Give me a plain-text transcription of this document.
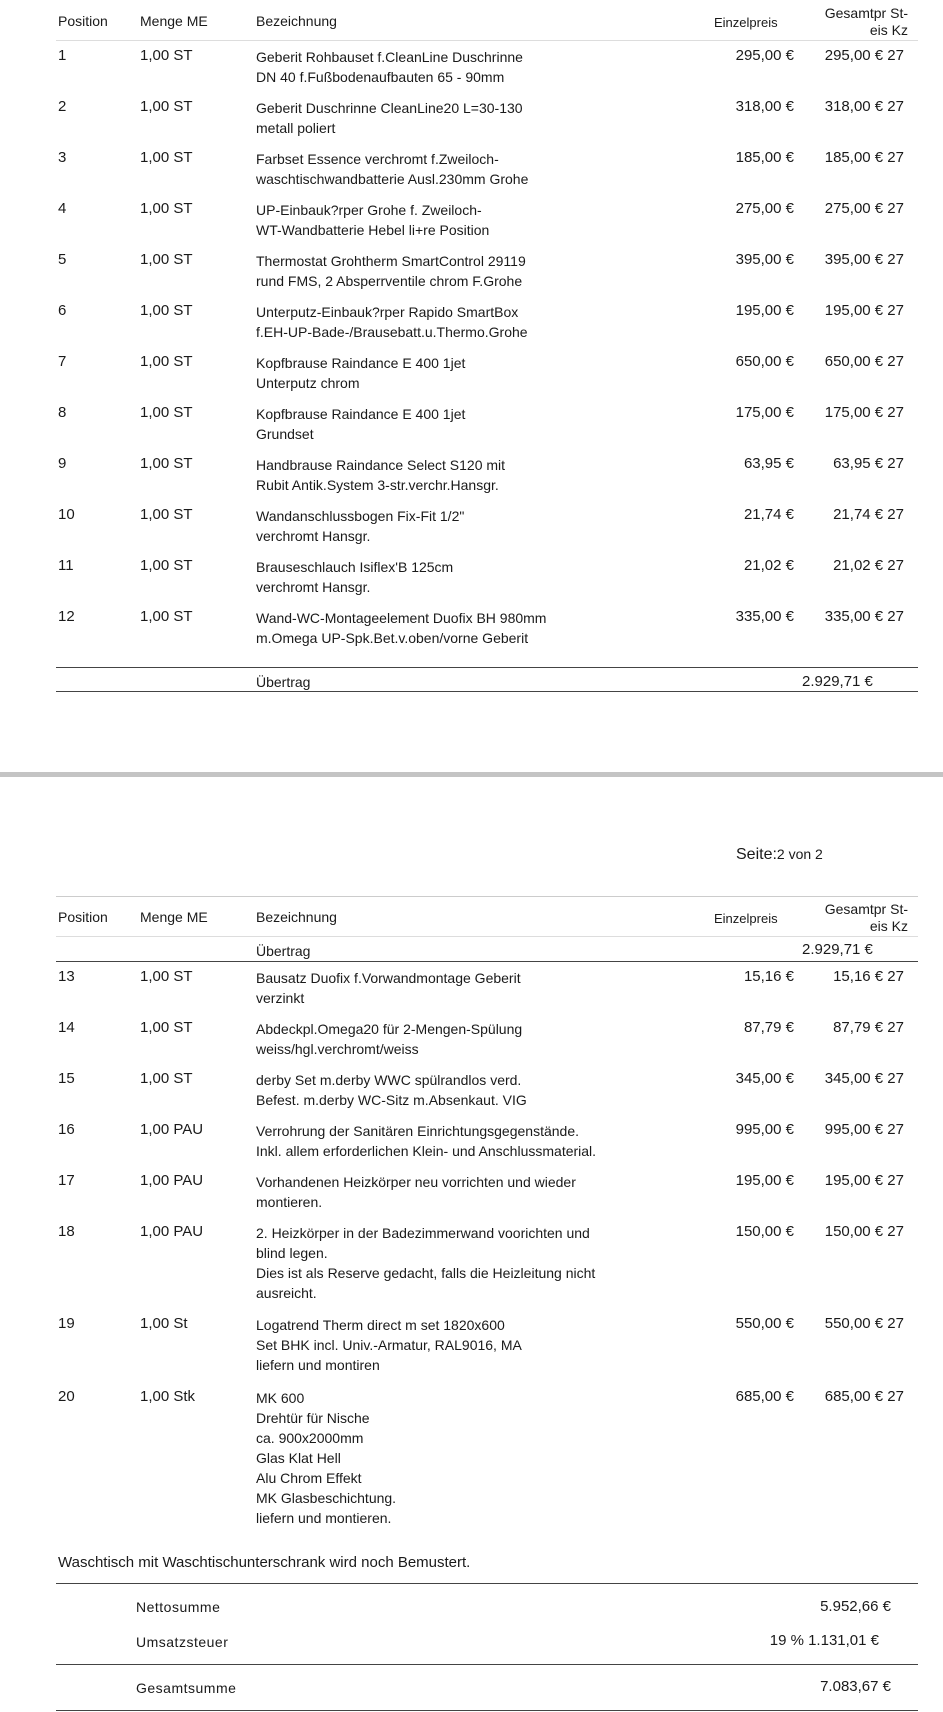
Position Menge ME	Bezeichnung	Einzelpreis
Gesamtpr St-
eis Kz
1	1,00 ST	Geberit Rohbauset f.CleanLine Duschrinne
DN 40 f.Fußbodenaufbauten 65 - 90mm
295,00 € 295,00 € 27
2	1,00 ST	Geberit Duschrinne CleanLine20 L=30-130
metall poliert
318,00 € 318,00 € 27
3	1,00 ST	Farbset Essence verchromt f.Zweiloch-
waschtischwandbatterie Ausl.230mm Grohe
185,00 € 185,00 € 27
4	1,00 ST	UP-Einbauk?rper Grohe f. Zweiloch-
WT-Wandbatterie Hebel li+re Position
275,00 € 275,00 € 27
5	1,00 ST	Thermostat Grohtherm SmartControl 29119
rund FMS, 2 Absperrventile chrom F.Grohe
395,00 € 395,00 € 27
6	1,00 ST	Unterputz-Einbauk?rper Rapido SmartBox
f.EH-UP-Bade-/Brausebatt.u.Thermo.Grohe
195,00 € 195,00 € 27
7	1,00 ST	Kopfbrause Raindance E 400 1jet
Unterputz chrom
650,00 € 650,00 € 27
8	1,00 ST	Kopfbrause Raindance E 400 1jet
Grundset
175,00 € 175,00 € 27
9	1,00 ST	Handbrause Raindance Select S120 mit
Rubit Antik.System 3-str.verchr.Hansgr.
63,95 €	63,95 € 27
10	1,00 ST	Wandanschlussbogen Fix-Fit 1/2"
verchromt Hansgr.
21,74 €	21,74 € 27
11	1,00 ST	Brauseschlauch Isiflex'B 125cm
verchromt Hansgr.
21,02 €	21,02 € 27
12	1,00 ST	Wand-WC-Montageelement Duofix BH 980mm
m.Omega UP-Spk.Bet.v.oben/vorne Geberit
335,00 € 335,00 € 27
Übertrag	2.929,71 €
Seite:2 von 2
Position Menge ME	Bezeichnung	Einzelpreis
Gesamtpr St-
eis Kz
Übertrag	2.929,71 €
13	1,00 ST	Bausatz Duofix f.Vorwandmontage Geberit
verzinkt
15,16 €	15,16 € 27
14	1,00 ST	Abdeckpl.Omega20 für 2-Mengen-Spülung
weiss/hgl.verchromt/weiss
87,79 €	87,79 € 27
15	1,00 ST	derby Set m.derby WWC spülrandlos verd.
Befest. m.derby WC-Sitz m.Absenkaut. VIG
345,00 € 345,00 € 27
16	1,00 PAU	Verrohrung der Sanitären Einrichtungsgegenstände.
Inkl. allem erforderlichen Klein- und Anschlussmaterial.
995,00 € 995,00 € 27
17	1,00 PAU	Vorhandenen Heizkörper neu vorrichten und wieder
montieren.
195,00 € 195,00 € 27
18	1,00 PAU	2. Heizkörper in der Badezimmerwand voorichten und
blind legen.
Dies ist als Reserve gedacht, falls die Heizleitung nicht
ausreicht.
150,00 € 150,00 € 27
19	1,00 St	Logatrend Therm direct m set 1820x600
Set BHK incl. Univ.-Armatur, RAL9016, MA
liefern und montiren
550,00 € 550,00 € 27
20	1,00 Stk	MK 600
Drehtür für Nische
ca. 900x2000mm
Glas Klat Hell
Alu Chrom Effekt
MK Glasbeschichtung.
liefern und montieren.
685,00 € 685,00 € 27
Waschtisch mit Waschtischunterschrank wird noch Bemustert.
Nettosumme	5.952,66 €
Umsatzsteuer	19 % 1.131,01 €
Gesamtsumme	7.083,67 €
